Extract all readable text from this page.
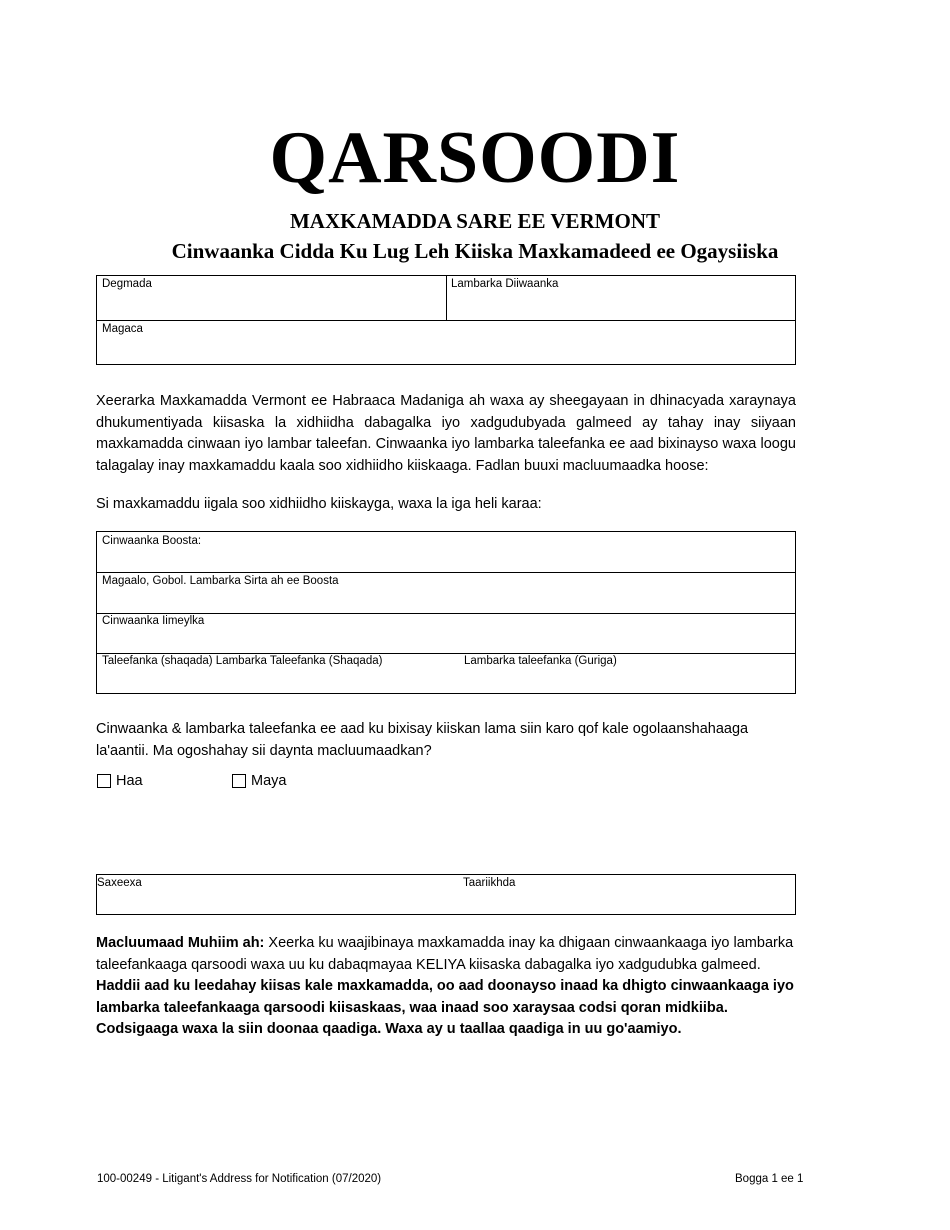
QARSOODI
MAXKAMADDA SARE EE VERMONT
Cinwaanka Cidda Ku Lug Leh Kiiska Maxkamadeed ee Ogaysiiska
Degmada	Lambarka Diiwaanka
Magaca
Xeerarka Maxkamadda Vermont ee Habraaca Madaniga ah waxa ay sheegayaan in dhinacyada xaraynaya dhukumentiyada kiisaska la xidhiidha dabagalka iyo xadgudubyada galmeed ay tahay inay siiyaan maxkamadda cinwaan iyo lambar taleefan. Cinwaanka iyo lambarka taleefanka ee aad bixinayso waxa loogu talagalay inay maxkamaddu kaala soo xidhiidho kiiskaaga. Fadlan buuxi macluumaadka hoose:
Si maxkamaddu iigala soo xidhiidho kiiskayga, waxa la iga heli karaa:
Cinwaanka Boosta:
Magaalo, Gobol. Lambarka Sirta ah ee Boosta
Cinwaanka Iimeylka
Taleefanka (shaqada) Lambarka Taleefanka (Shaqada)	Lambarka taleefanka (Guriga)
Cinwaanka & lambarka taleefanka ee aad ku bixisay kiiskan lama siin karo qof kale ogolaanshahaaga la'aantii. Ma ogoshahay sii daynta macluumaadkan?
Haa	Maya
Saxeexa	Taariikhda
Macluumaad Muhiim ah: Xeerka ku waajibinaya maxkamadda inay ka dhigaan cinwaankaaga iyo lambarka taleefankaaga qarsoodi waxa uu ku dabaqmayaa KELIYA kiisaska dabagalka iyo xadgudubka galmeed. Haddii aad ku leedahay kiisas kale maxkamadda, oo aad doonayso inaad ka dhigto cinwaankaaga iyo lambarka taleefankaaga qarsoodi kiisaskaas, waa inaad soo xaraysaa codsi qoran midkiiba. Codsigaaga waxa la siin doonaa qaadiga. Waxa ay u taallaa qaadiga in uu go'aamiyo.
100-00249 - Litigant's Address for Notification (07/2020)	Bogga 1 ee 1
